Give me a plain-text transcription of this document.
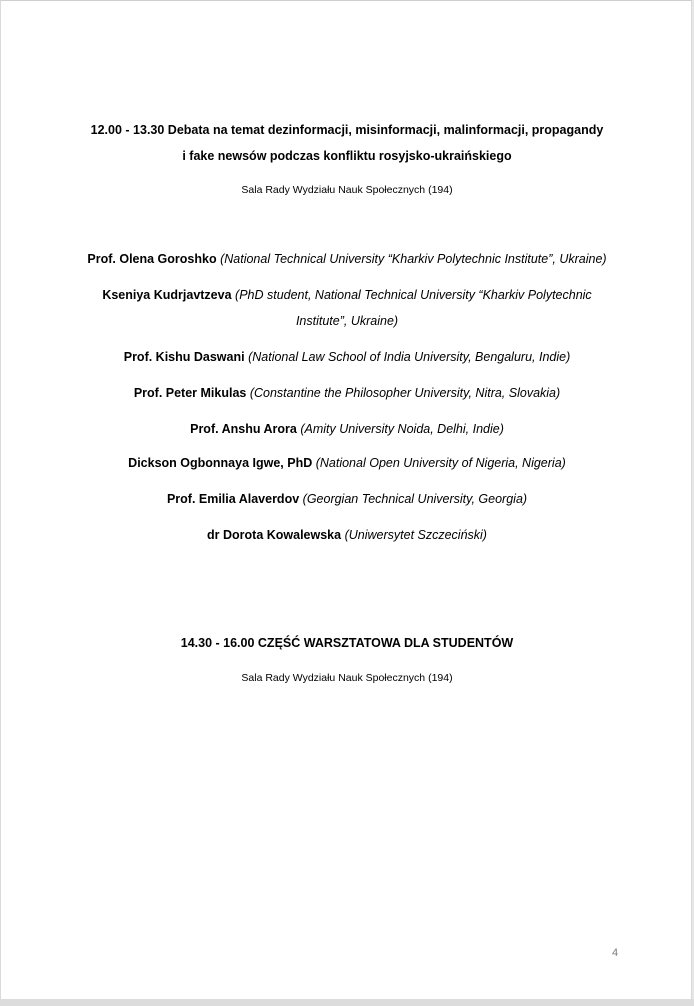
12.00 - 13.30 Debata na temat dezinformacji, misinformacji, malinformacji, propagandy
i fake newsów podczas konfliktu rosyjsko-ukraińskiego
Sala Rady Wydziału Nauk Społecznych (194)
Prof. Olena Goroshko (National Technical University “Kharkiv Polytechnic Institute”, Ukraine)
Kseniya Kudrjavtzeva (PhD student, National Technical University “Kharkiv Polytechnic
Institute”, Ukraine)
Prof. Kishu Daswani (National Law School of India University, Bengaluru, Indie)
Prof. Peter Mikulas (Constantine the Philosopher University, Nitra, Slovakia)
Prof. Anshu Arora (Amity University Noida, Delhi, Indie)
Dickson Ogbonnaya Igwe, PhD (National Open University of Nigeria, Nigeria)
Prof. Emilia Alaverdov (Georgian Technical University, Georgia)
dr Dorota Kowalewska (Uniwersytet Szczeciński)
14.30 - 16.00 CZĘŚĆ WARSZTATOWA DLA STUDENTÓW
Sala Rady Wydziału Nauk Społecznych (194)
4
